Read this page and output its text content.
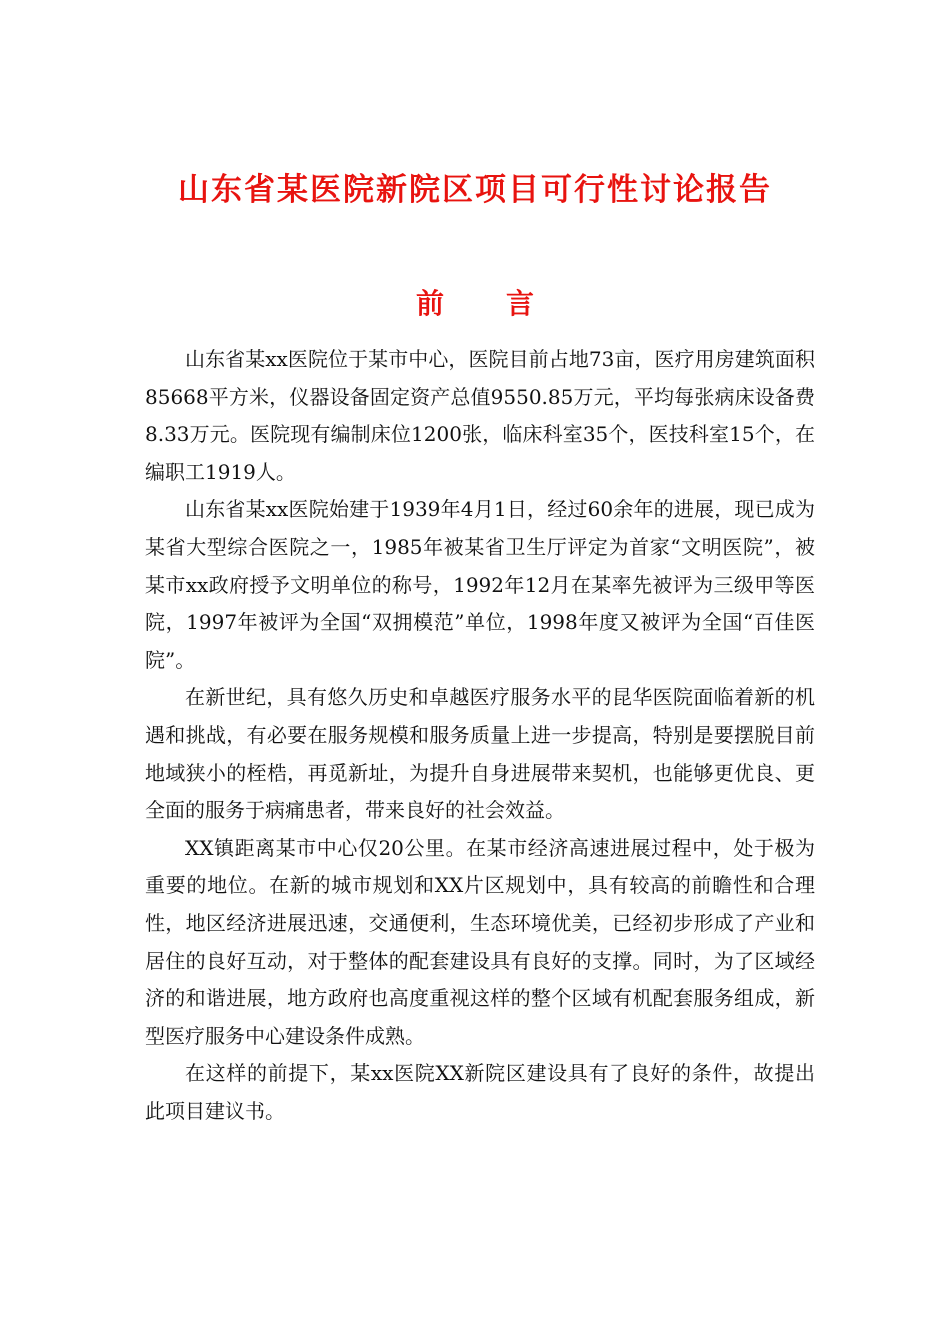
山东省某医院新院区项目可行性讨论报告
前 言

山东省某xx医院位于某市中心，医院目前占地73亩，医疗用房建筑面积85668平方米，仪器设备固定资产总值9550.85万元，平均每张病床设备费8.33万元。医院现有编制床位1200张，临床科室35个，医技科室15个，在编职工1919人。

山东省某xx医院始建于1939年4月1日，经过60余年的进展，现已成为某省大型综合医院之一，1985年被某省卫生厅评定为首家“文明医院”，被某市xx政府授予文明单位的称号，1992年12月在某率先被评为三级甲等医院，1997年被评为全国“双拥模范”单位，1998年度又被评为全国“百佳医院”。

在新世纪，具有悠久历史和卓越医疗服务水平的昆华医院面临着新的机遇和挑战，有必要在服务规模和服务质量上进一步提高，特别是要摆脱目前地域狭小的桎梏，再觅新址，为提升自身进展带来契机，也能够更优良、更全面的服务于病痛患者，带来良好的社会效益。

XX镇距离某市中心仅20公里。在某市经济高速进展过程中，处于极为重要的地位。在新的城市规划和XX片区规划中，具有较高的前瞻性和合理性，地区经济进展迅速，交通便利，生态环境优美，已经初步形成了产业和居住的良好互动，对于整体的配套建设具有良好的支撑。同时，为了区域经济的和谐进展，地方政府也高度重视这样的整个区域有机配套服务组成，新型医疗服务中心建设条件成熟。

在这样的前提下，某xx医院XX新院区建设具有了良好的条件，故提出此项目建议书。
